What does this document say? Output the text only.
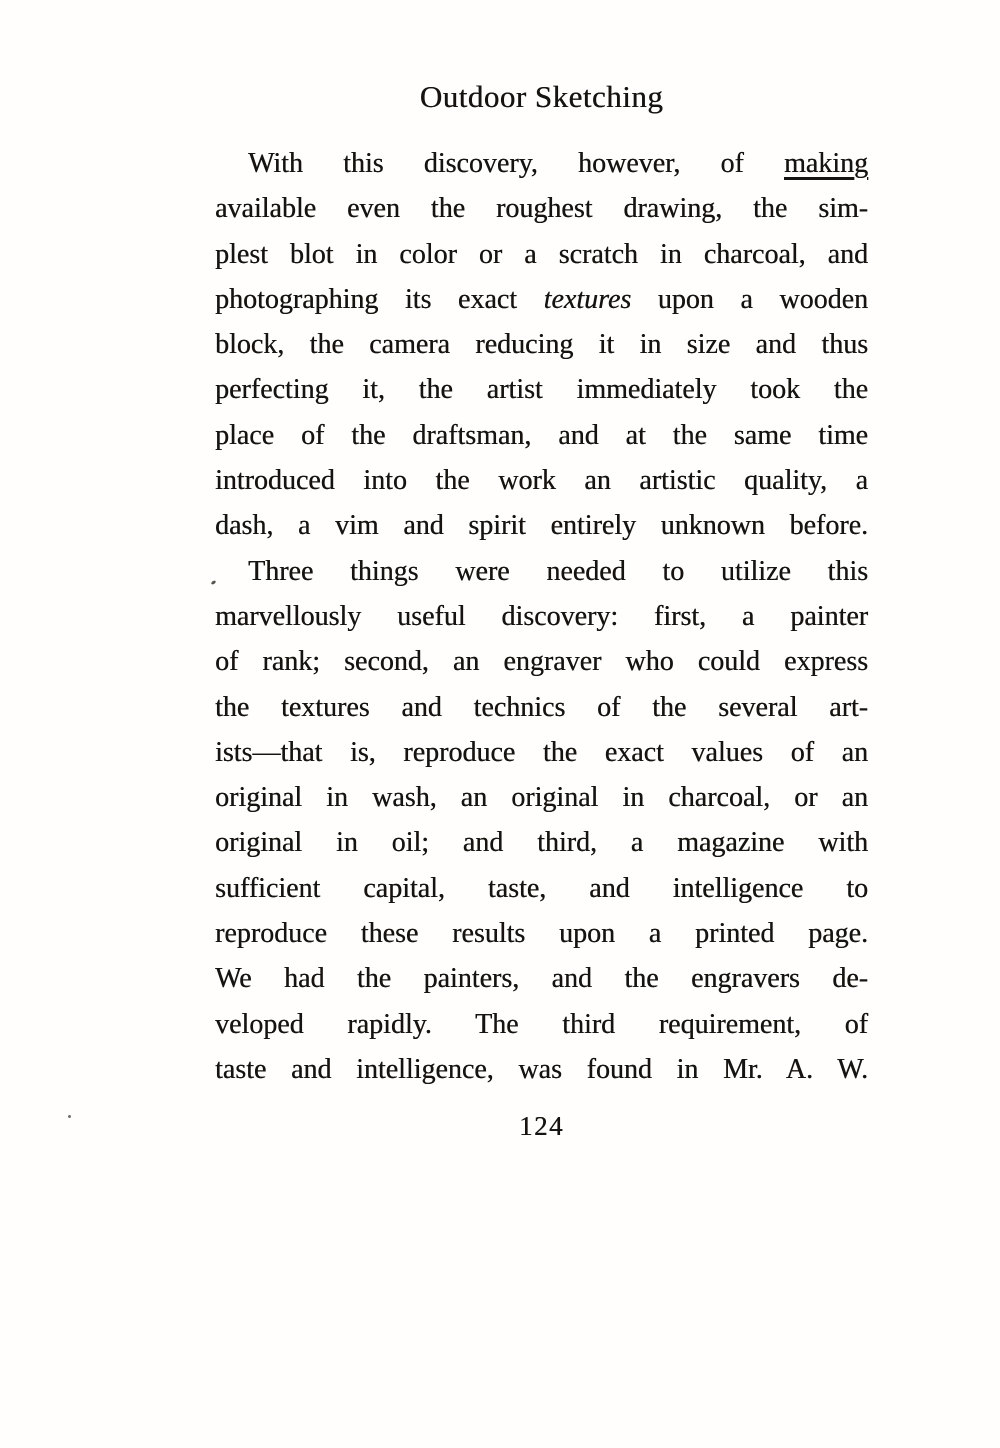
Outdoor Sketching
With this discovery, however, of making
available even the roughest drawing, the sim-
plest blot in color or a scratch in charcoal, and
photographing its exact textures upon a wooden
block, the camera reducing it in size and thus
perfecting it, the artist immediately took the
place of the draftsman, and at the same time
introduced into the work an artistic quality, a
dash, a vim and spirit entirely unknown before.
Three things were needed to utilize this
marvellously useful discovery: first, a painter
of rank; second, an engraver who could express
the textures and technics of the several art-
ists—that is, reproduce the exact values of an
original in wash, an original in charcoal, or an
original in oil; and third, a magazine with
sufficient capital, taste, and intelligence to
reproduce these results upon a printed page.
We had the painters, and the engravers de-
veloped rapidly. The third requirement, of
taste and intelligence, was found in Mr. A. W.
124
